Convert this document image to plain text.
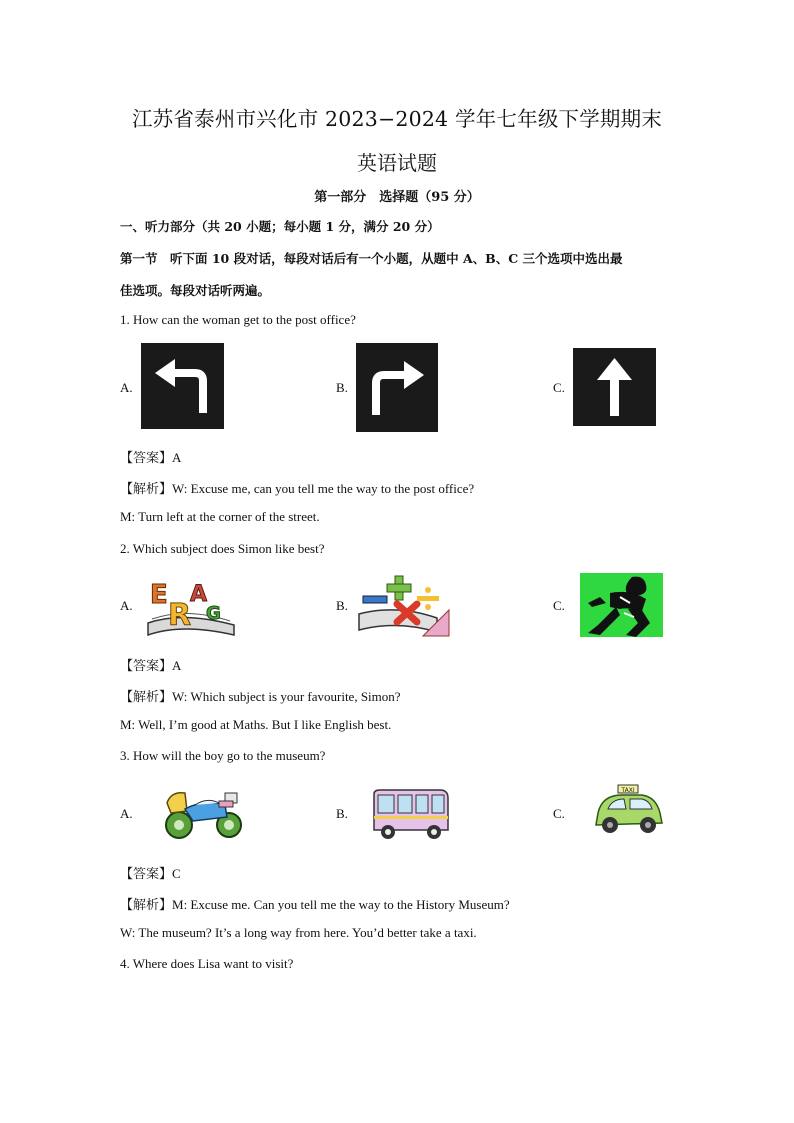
江苏省泰州市兴化市 2023−2024 学年七年级下学期期末
英语试题
第一部分　选择题（95 分）
一、听力部分（共 20 小题；每小题 1 分，满分 20 分）
第一节　听下面 10 段对话，每段对话后有一个小题，从题中 A、B、C 三个选项中选出最
佳选项。每段对话听两遍。
1. How can the woman get to the post office?
A.	B.	C.
【答案】A
【解析】W: Excuse me, can you tell me the way to the post office?
M: Turn left at the corner of the street.
2. Which subject does Simon like best?
A. E
R
A
G	B.	C.
【答案】A
【解析】W: Which subject is your favourite, Simon?
M: Well, I’m good at Maths. But I like English best.
3. How will the boy go to the museum?
A.	B.	C.
TAXI
【答案】C
【解析】M: Excuse me. Can you tell me the way to the History Museum?
W: The museum? It’s a long way from here. You’d better take a taxi.
4. Where does Lisa want to visit?
